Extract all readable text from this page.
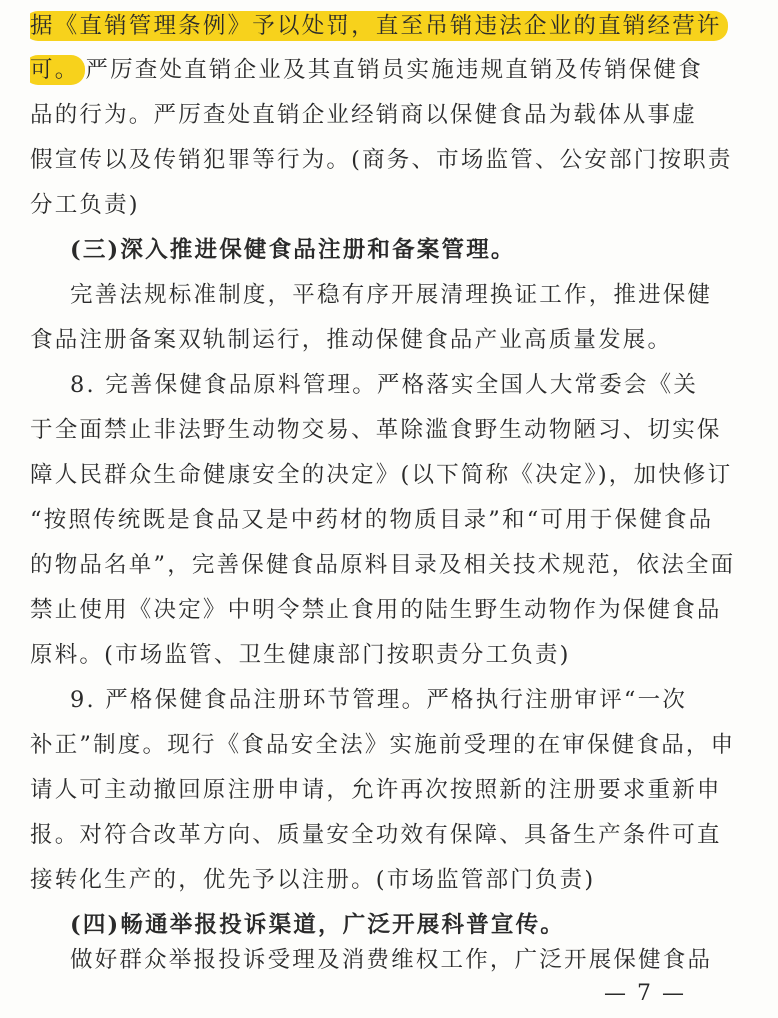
据《直销管理条例》予以处罚，直至吊销违法企业的直销经营许
可。 严厉查处直销企业及其直销员实施违规直销及传销保健食
品的行为。严厉查处直销企业经销商以保健食品为载体从事虚
假宣传以及传销犯罪等行为。(商务、市场监管、公安部门按职责
分工负责)
(三)深入推进保健食品注册和备案管理。
完善法规标准制度，平稳有序开展清理换证工作，推进保健
食品注册备案双轨制运行，推动保健食品产业高质量发展。
8. 完善保健食品原料管理。严格落实全国人大常委会《关
于全面禁止非法野生动物交易、革除滥食野生动物陋习、切实保
障人民群众生命健康安全的决定》(以下简称《决定》)，加快修订
“按照传统既是食品又是中药材的物质目录”和“可用于保健食品
的物品名单”，完善保健食品原料目录及相关技术规范，依法全面
禁止使用《决定》中明令禁止食用的陆生野生动物作为保健食品
原料。(市场监管、卫生健康部门按职责分工负责)
9. 严格保健食品注册环节管理。严格执行注册审评“一次
补正”制度。现行《食品安全法》实施前受理的在审保健食品，申
请人可主动撤回原注册申请，允许再次按照新的注册要求重新申
报。对符合改革方向、质量安全功效有保障、具备生产条件可直
接转化生产的，优先予以注册。(市场监管部门负责)
(四)畅通举报投诉渠道，广泛开展科普宣传。
做好群众举报投诉受理及消费维权工作，广泛开展保健食品
— 7 —
